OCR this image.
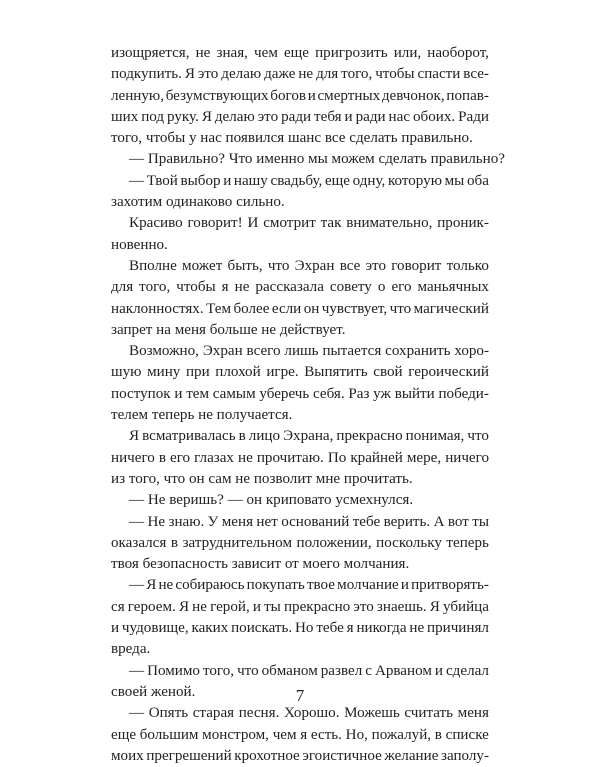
изощряется, не зная, чем еще пригрозить или, наоборот,
подкупить. Я это делаю даже не для того, чтобы спасти все-
ленную, безумствующих богов и смертных девчонок, попав-
ших под руку. Я делаю это ради тебя и ради нас обоих. Ради
того, чтобы у нас появился шанс все сделать правильно.
— Правильно? Что именно мы можем сделать правильно?
— Твой выбор и нашу свадьбу, еще одну, которую мы оба
захотим одинаково сильно.
Красиво говорит! И смотрит так внимательно, проник-
новенно.
Вполне может быть, что Эхран все это говорит только
для того, чтобы я не рассказала совету о его маньячных
наклонностях. Тем более если он чувствует, что магический
запрет на меня больше не действует.
Возможно, Эхран всего лишь пытается сохранить хоро-
шую мину при плохой игре. Выпятить свой героический
поступок и тем самым уберечь себя. Раз уж выйти победи-
телем теперь не получается.
Я всматривалась в лицо Эхрана, прекрасно понимая, что
ничего в его глазах не прочитаю. По крайней мере, ничего
из того, что он сам не позволит мне прочитать.
— Не веришь? — он криповато усмехнулся.
— Не знаю. У меня нет оснований тебе верить. А вот ты
оказался в затруднительном положении, поскольку теперь
твоя безопасность зависит от моего молчания.
— Я не собираюсь покупать твое молчание и притворять-
ся героем. Я не герой, и ты прекрасно это знаешь. Я убийца
и чудовище, каких поискать. Но тебе я никогда не причинял
вреда.
— Помимо того, что обманом развел с Арваном и сделал
своей женой.
— Опять старая песня. Хорошо. Можешь считать меня
еще большим монстром, чем я есть. Но, пожалуй, в списке
моих прегрешений крохотное эгоистичное желание заполу-
7
